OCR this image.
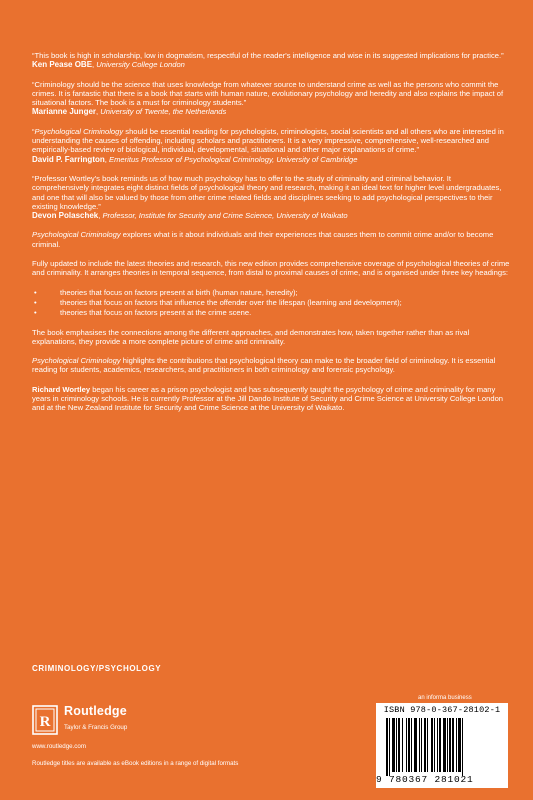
“This book is high in scholarship, low in dogmatism, respectful of the reader's intelligence and wise in its suggested implications for practice.”

Ken Pease OBE, University College London

“Criminology should be the science that uses knowledge from whatever source to understand crime as well as the persons who commit the crimes. It is fantastic that there is a book that starts with human nature, evolutionary psychology and heredity and also explains the impact of situational factors. The book is a must for criminology students.”

Marianne Junger, University of Twente, the Netherlands

“Psychological Criminology should be essential reading for psychologists, criminologists, social scientists and all others who are interested in understanding the causes of offending, including scholars and practitioners. It is a very impressive, comprehensive, well-researched and empirically-based review of biological, individual, developmental, situational and other major explanations of crime.”

David P. Farrington, Emeritus Professor of Psychological Criminology, University of Cambridge

“Professor Wortley's book reminds us of how much psychology has to offer to the study of criminality and criminal behavior. It comprehensively integrates eight distinct fields of psychological theory and research, making it an ideal text for higher level undergraduates, and one that will also be valued by those from other crime related fields and disciplines seeking to add psychological perspectives to their existing knowledge.”

Devon Polaschek, Professor, Institute for Security and Crime Science, University of Waikato

Psychological Criminology explores what is it about individuals and their experiences that causes them to commit crime and/or to become criminal.

Fully updated to include the latest theories and research, this new edition provides comprehensive coverage of psychological theories of crime and criminality. It arranges theories in temporal sequence, from distal to proximal causes of crime, and is organised under three key headings:

• theories that focus on factors present at birth (human nature, heredity);
• theories that focus on factors that influence the offender over the lifespan (learning and development);
• theories that focus on factors present at the crime scene.

The book emphasises the connections among the different approaches, and demonstrates how, taken together rather than as rival explanations, they provide a more complete picture of crime and criminality.

Psychological Criminology highlights the contributions that psychological theory can make to the broader field of criminology. It is essential reading for students, academics, researchers, and practitioners in both criminology and forensic psychology.

Richard Wortley began his career as a prison psychologist and has subsequently taught the psychology of crime and criminality for many years in criminology schools. He is currently Professor at the Jill Dando Institute of Security and Crime Science at University College London and at the New Zealand Institute for Security and Crime Science at the University of Waikato.

CRIMINOLOGY/PSYCHOLOGY
an informa business
R
Routledge
Taylor & Francis Group
www.routledge.com
Routledge titles are available as eBook editions in a range of digital formats
ISBN 978-0-367-28102-1
9 780367 281021
